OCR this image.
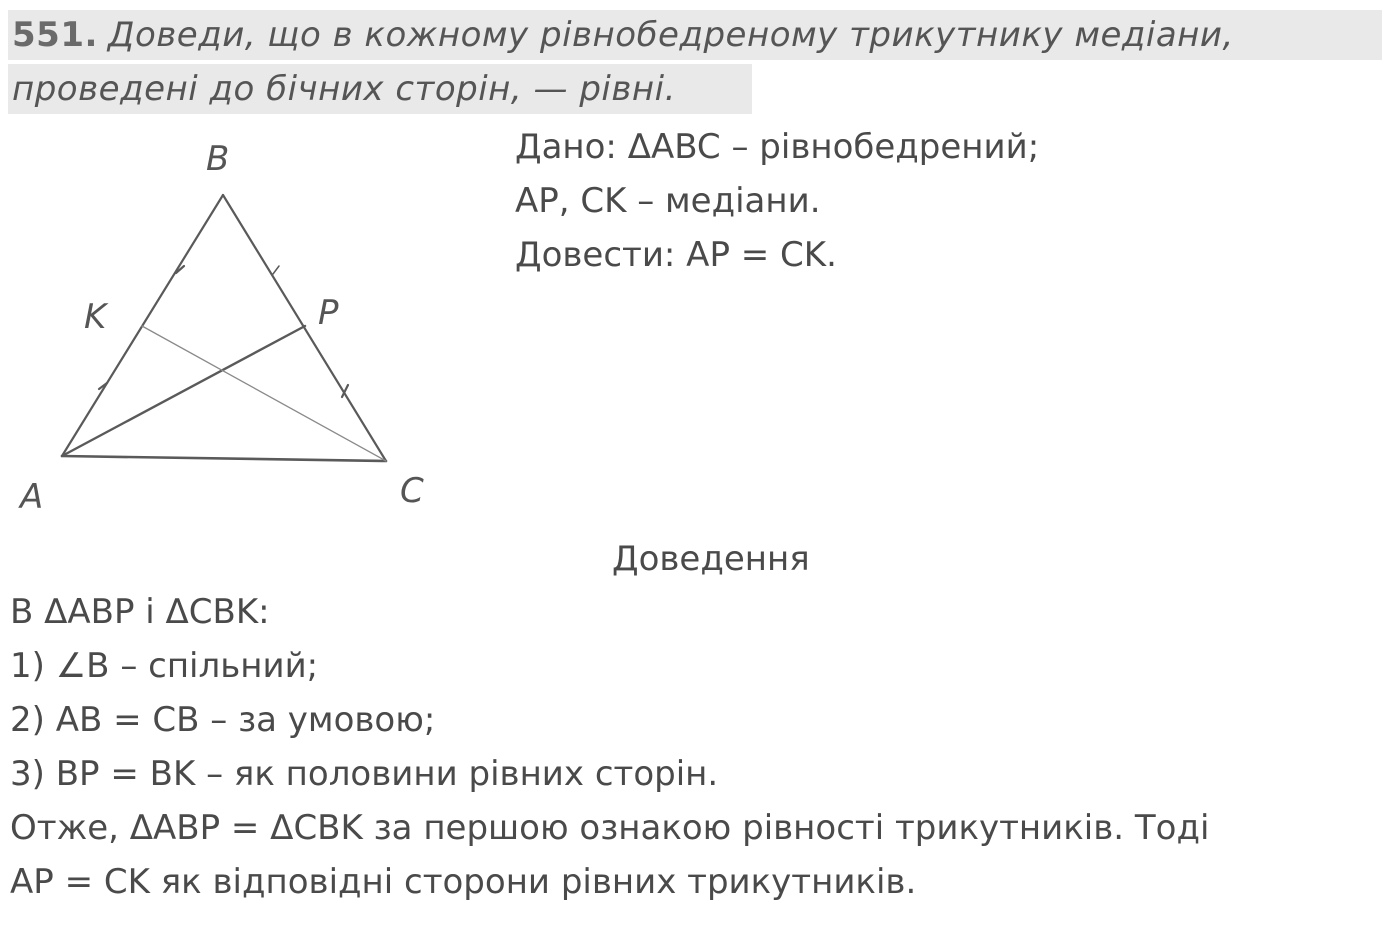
551. Доведи, що в кожному рівнобедреному трикутнику медіани,
проведені до бічних сторін, — рівні.
B
K	P
A	C
Дано: ΔABC – рівнобедрений;
AP, CK – медіани.
Довести: AP = CK.
Доведення
В ΔABP і ΔCBK:
1) ∠B – спільний;
2) AB = CB – за умовою;
3) BP = BK – як половини рівних сторін.
Отже, ΔABP = ΔCBK за першою ознакою рівності трикутників. Тоді
AP = CK як відповідні сторони рівних трикутників.
